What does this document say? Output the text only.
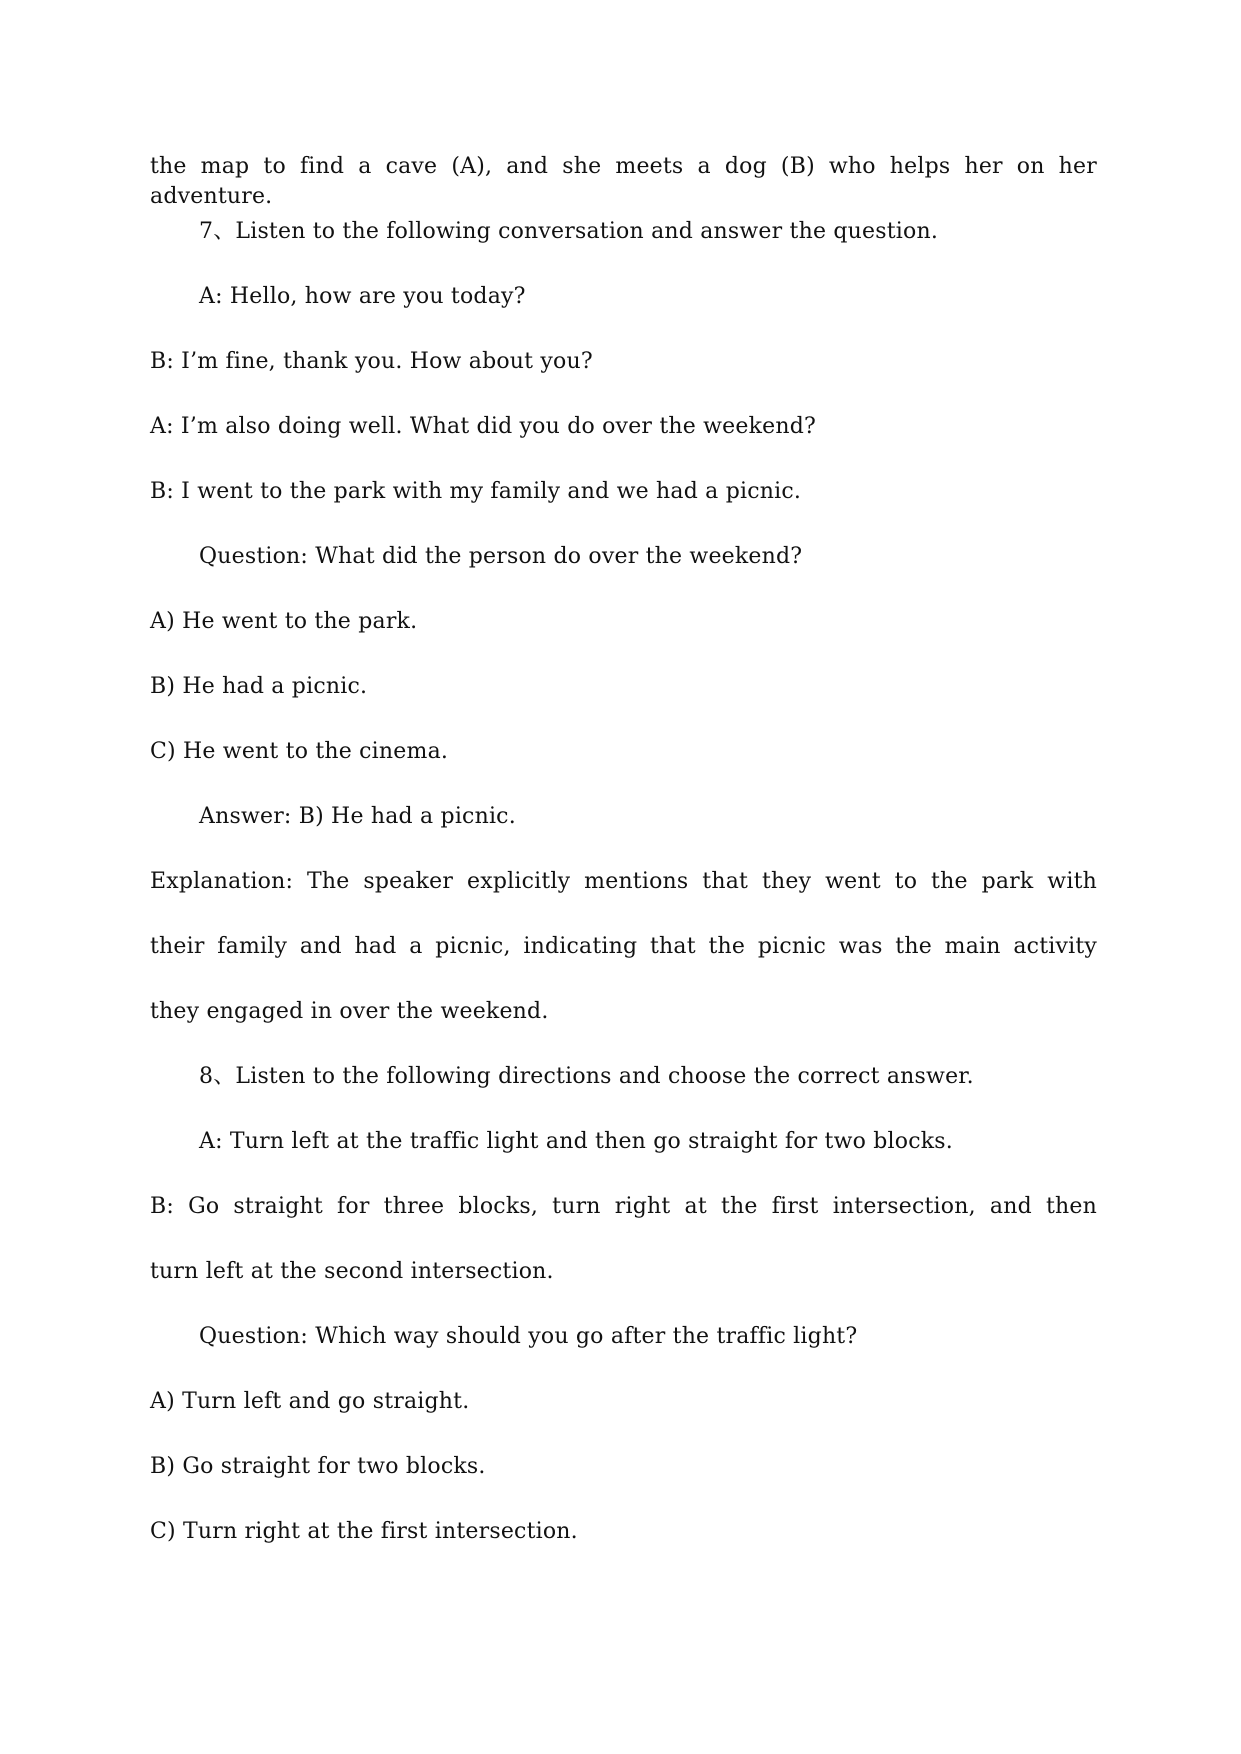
the map to find a cave (A), and she meets a dog (B) who helps her on her adventure.
7、Listen to the following conversation and answer the question.
A: Hello, how are you today?
B: I’m fine, thank you. How about you?
A: I’m also doing well. What did you do over the weekend?
B: I went to the park with my family and we had a picnic.
Question: What did the person do over the weekend?
A) He went to the park.
B) He had a picnic.
C) He went to the cinema.
Answer: B) He had a picnic.
Explanation: The speaker explicitly mentions that they went to the park with
their family and had a picnic, indicating that the picnic was the main activity
they engaged in over the weekend.
8、Listen to the following directions and choose the correct answer.
A: Turn left at the traffic light and then go straight for two blocks.
B: Go straight for three blocks, turn right at the first intersection, and then
turn left at the second intersection.
Question: Which way should you go after the traffic light?
A) Turn left and go straight.
B) Go straight for two blocks.
C) Turn right at the first intersection.
